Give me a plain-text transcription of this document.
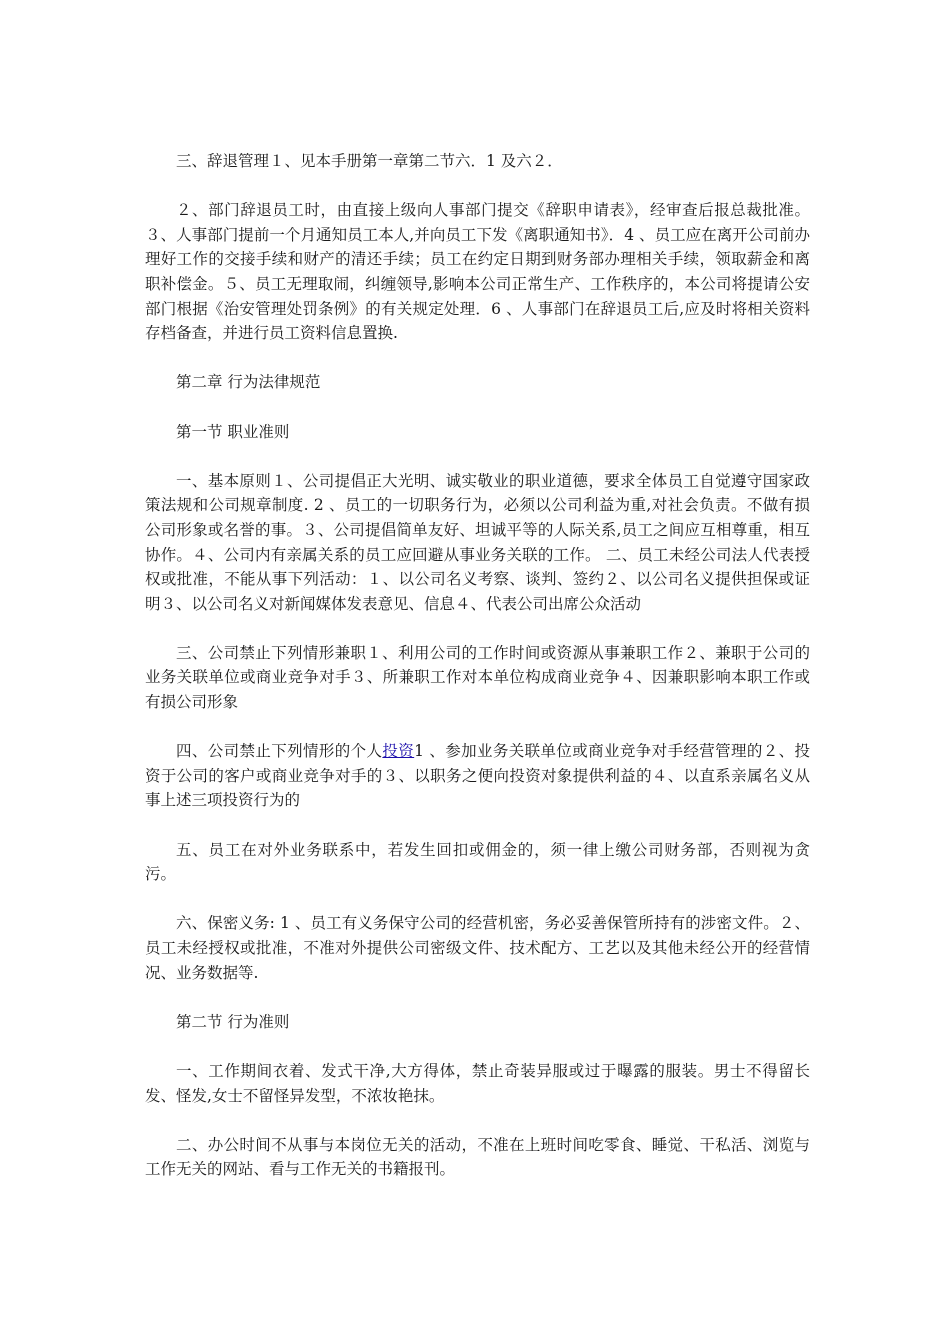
三、辞退管理１、见本手册第一章第二节六．1 及六２．

２、部门辞退员工时，由直接上级向人事部门提交《辞职申请表》，经审查后报总裁批准。３、人事部门提前一个月通知员工本人,并向员工下发《离职通知书》．4 、员工应在离开公司前办理好工作的交接手续和财产的清还手续；员工在约定日期到财务部办理相关手续，领取薪金和离职补偿金。５、员工无理取闹，纠缠领导,影响本公司正常生产、工作秩序的，本公司将提请公安部门根据《治安管理处罚条例》的有关规定处理．6 、人事部门在辞退员工后,应及时将相关资料存档备查，并进行员工资料信息置换.

第二章 行为法律规范

第一节 职业准则

一、基本原则１、公司提倡正大光明、诚实敬业的职业道德，要求全体员工自觉遵守国家政策法规和公司规章制度. 2 、员工的一切职务行为，必须以公司利益为重,对社会负责。不做有损公司形象或名誉的事。３、公司提倡简单友好、坦诚平等的人际关系,员工之间应互相尊重，相互协作。４、公司内有亲属关系的员工应回避从事业务关联的工作。 二、员工未经公司法人代表授权或批准，不能从事下列活动：１、以公司名义考察、谈判、签约２、以公司名义提供担保或证明３、以公司名义对新闻媒体发表意见、信息４、代表公司出席公众活动

三、公司禁止下列情形兼职１、利用公司的工作时间或资源从事兼职工作２、兼职于公司的业务关联单位或商业竞争对手３、所兼职工作对本单位构成商业竞争４、因兼职影响本职工作或有损公司形象

四、公司禁止下列情形的个人投资1 、参加业务关联单位或商业竞争对手经营管理的２、投资于公司的客户或商业竞争对手的３、以职务之便向投资对象提供利益的４、以直系亲属名义从事上述三项投资行为的

五、员工在对外业务联系中，若发生回扣或佣金的，须一律上缴公司财务部，否则视为贪污。

六、保密义务: 1 、员工有义务保守公司的经营机密，务必妥善保管所持有的涉密文件。２、员工未经授权或批准，不准对外提供公司密级文件、技术配方、工艺以及其他未经公开的经营情况、业务数据等.

第二节 行为准则

一、工作期间衣着、发式干净,大方得体，禁止奇装异服或过于曝露的服装。男士不得留长发、怪发,女士不留怪异发型，不浓妆艳抹。

二、办公时间不从事与本岗位无关的活动，不准在上班时间吃零食、睡觉、干私活、浏览与工作无关的网站、看与工作无关的书籍报刊。
